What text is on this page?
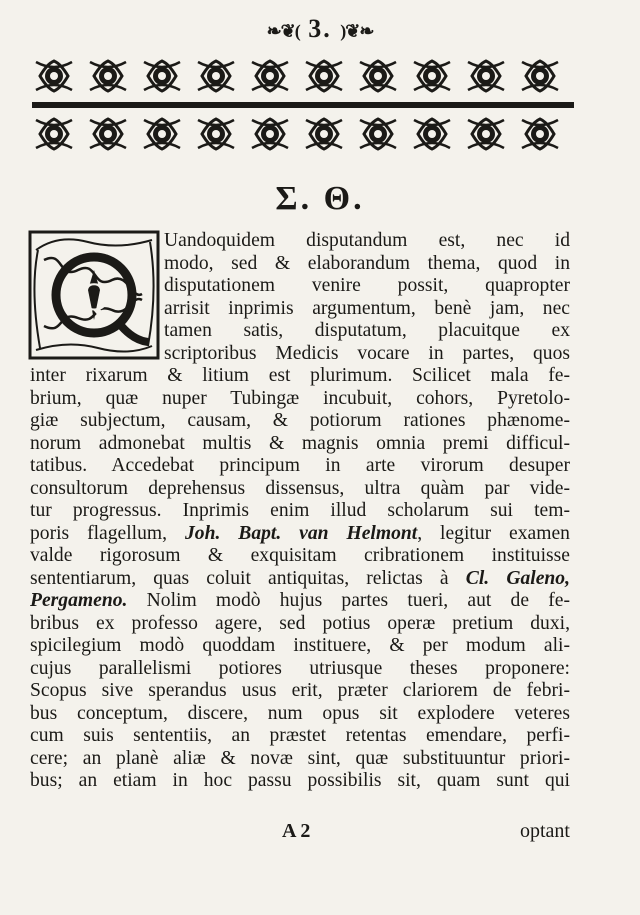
❧❦( 3. )❦❧
Σ. Θ.
Q
Uandoquidem disputandum est, nec id
modo, sed & elaborandum thema, quod in
disputationem venire possit, quapropter
arrisit inprimis argumentum, benè jam, nec
tamen satis, disputatum, placuitque ex
scriptoribus Medicis vocare in partes, quos
inter rixarum & litium est plurimum. Scilicet mala fe-
brium, quæ nuper Tubingæ incubuit, cohors, Pyretolo-
giæ subjectum, causam, & potiorum rationes phænome-
norum admonebat multis & magnis omnia premi difficul-
tatibus. Accedebat principum in arte virorum desuper
consultorum deprehensus dissensus, ultra quàm par vide-
tur progressus. Inprimis enim illud scholarum sui tem-
poris flagellum, Joh. Bapt. van Helmont, legitur examen
valde rigorosum & exquisitam cribrationem instituisse
sententiarum, quas coluit antiquitas, relictas à Cl. Galeno,
Pergameno. Nolim modò hujus partes tueri, aut de fe-
bribus ex professo agere, sed potius operæ pretium duxi,
spicilegium modò quoddam instituere, & per modum ali-
cujus parallelismi potiores utriusque theses proponere:
Scopus sive sperandus usus erit, præter clariorem de febri-
bus conceptum, discere, num opus sit explodere veteres
cum suis sententiis, an præstet retentas emendare, perfi-
cere; an planè aliæ & novæ sint, quæ substituuntur priori-
bus; an etiam in hoc passu possibilis sit, quam sunt qui
A 2	optant
